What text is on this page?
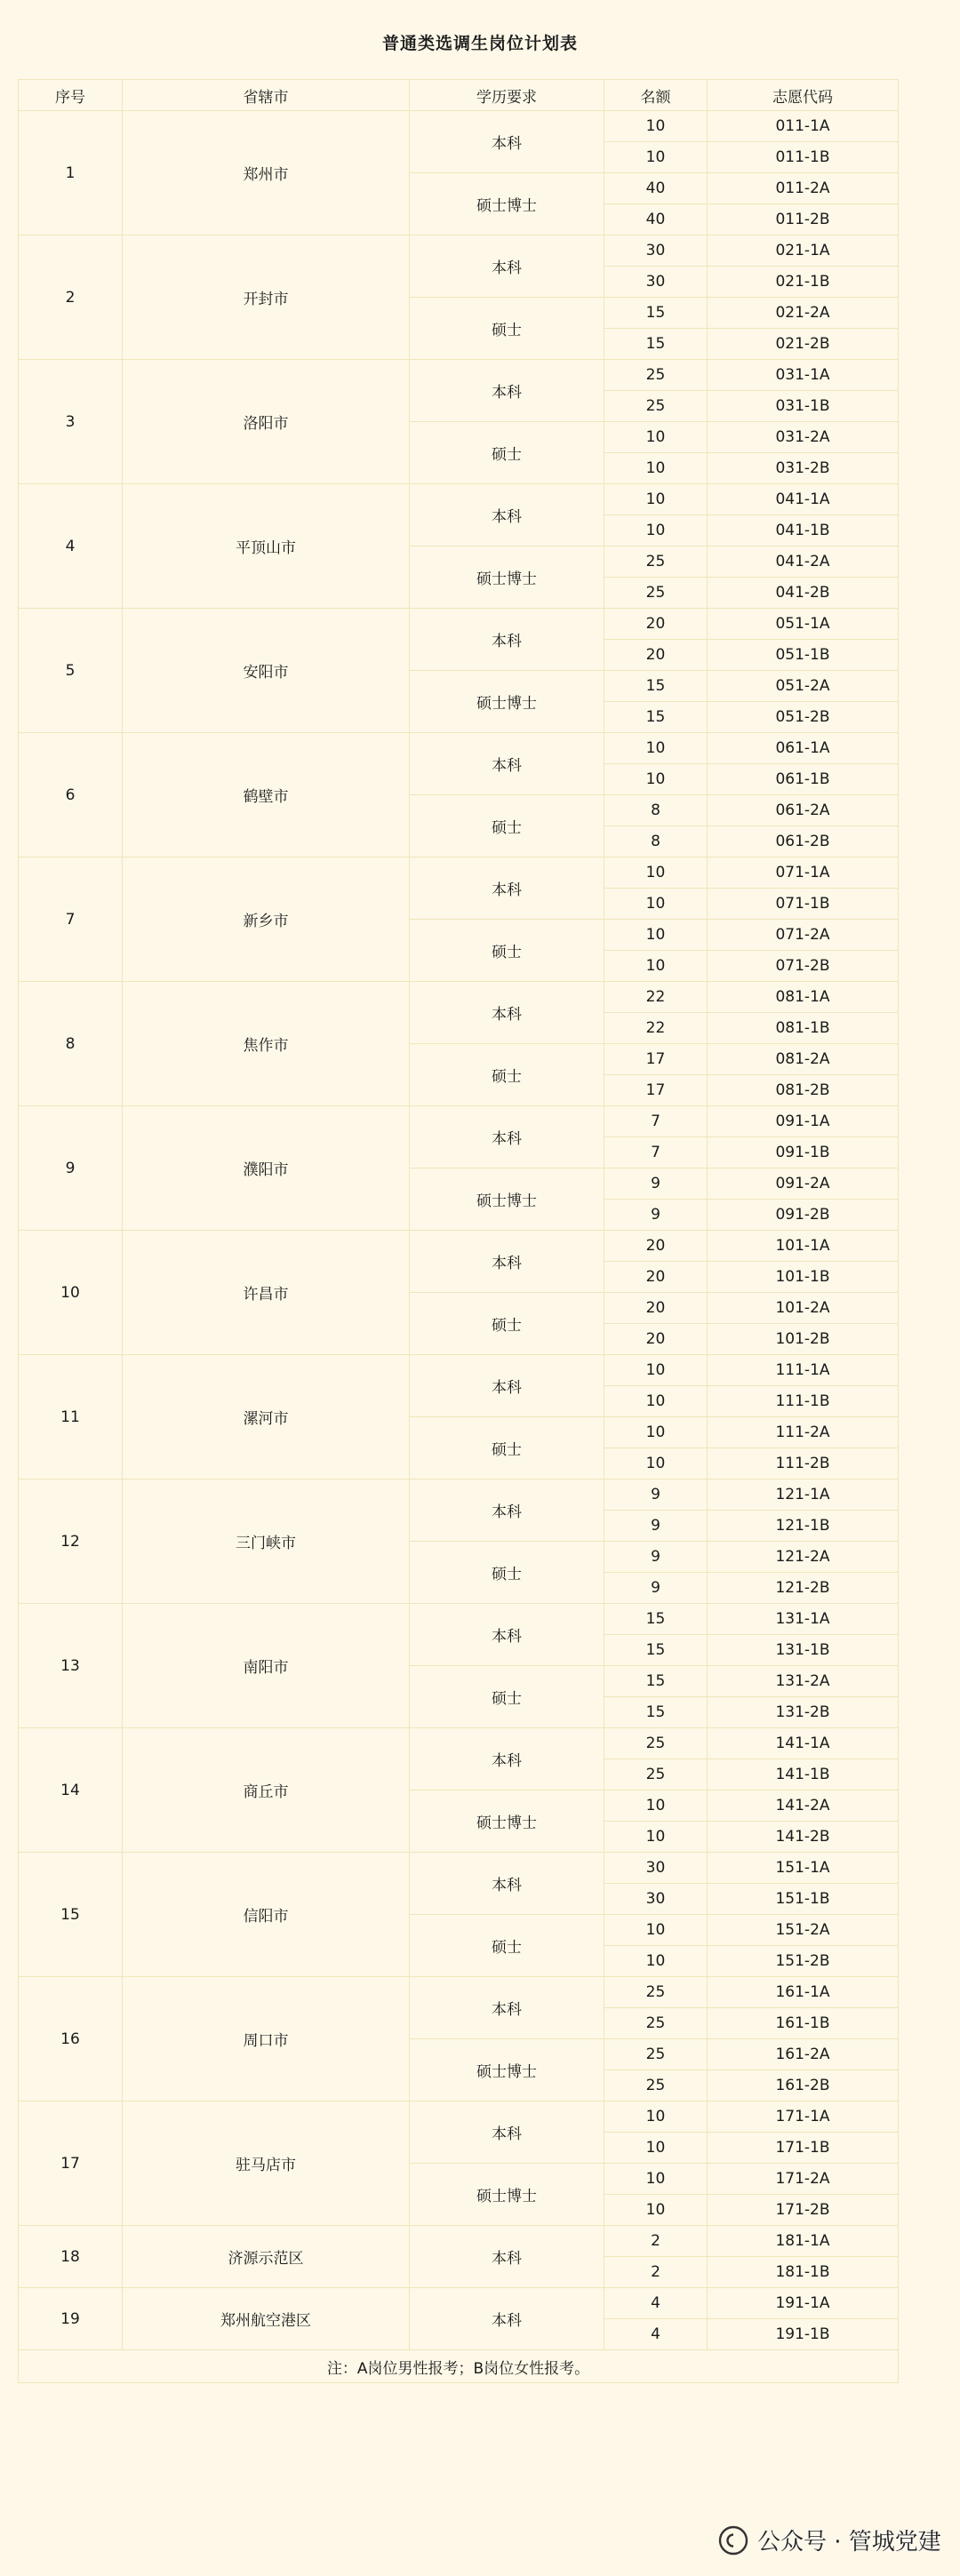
普通类选调生岗位计划表
序号	省辖市	学历要求	名额	志愿代码
1	郑州市	本科	10	011-1A
			10	011-1B
		硕士博士	40	011-2A
			40	011-2B
2	开封市	本科	30	021-1A
			30	021-1B
		硕士	15	021-2A
			15	021-2B
3	洛阳市	本科	25	031-1A
			25	031-1B
		硕士	10	031-2A
			10	031-2B
4	平顶山市	本科	10	041-1A
			10	041-1B
		硕士博士	25	041-2A
			25	041-2B
5	安阳市	本科	20	051-1A
			20	051-1B
		硕士博士	15	051-2A
			15	051-2B
6	鹤壁市	本科	10	061-1A
			10	061-1B
		硕士	8	061-2A
			8	061-2B
7	新乡市	本科	10	071-1A
			10	071-1B
		硕士	10	071-2A
			10	071-2B
8	焦作市	本科	22	081-1A
			22	081-1B
		硕士	17	081-2A
			17	081-2B
9	濮阳市	本科	7	091-1A
			7	091-1B
		硕士博士	9	091-2A
			9	091-2B
10	许昌市	本科	20	101-1A
			20	101-1B
		硕士	20	101-2A
			20	101-2B
11	漯河市	本科	10	111-1A
			10	111-1B
		硕士	10	111-2A
			10	111-2B
12	三门峡市	本科	9	121-1A
			9	121-1B
		硕士	9	121-2A
			9	121-2B
13	南阳市	本科	15	131-1A
			15	131-1B
		硕士	15	131-2A
			15	131-2B
14	商丘市	本科	25	141-1A
			25	141-1B
		硕士博士	10	141-2A
			10	141-2B
15	信阳市	本科	30	151-1A
			30	151-1B
		硕士	10	151-2A
			10	151-2B
16	周口市	本科	25	161-1A
			25	161-1B
		硕士博士	25	161-2A
			25	161-2B
17	驻马店市	本科	10	171-1A
			10	171-1B
		硕士博士	10	171-2A
			10	171-2B
18	济源示范区	本科	2	181-1A
			2	181-1B
19	郑州航空港区	本科	4	191-1A
			4	191-1B
注：A岗位男性报考；B岗位女性报考。				
公众号 · 管城党建
